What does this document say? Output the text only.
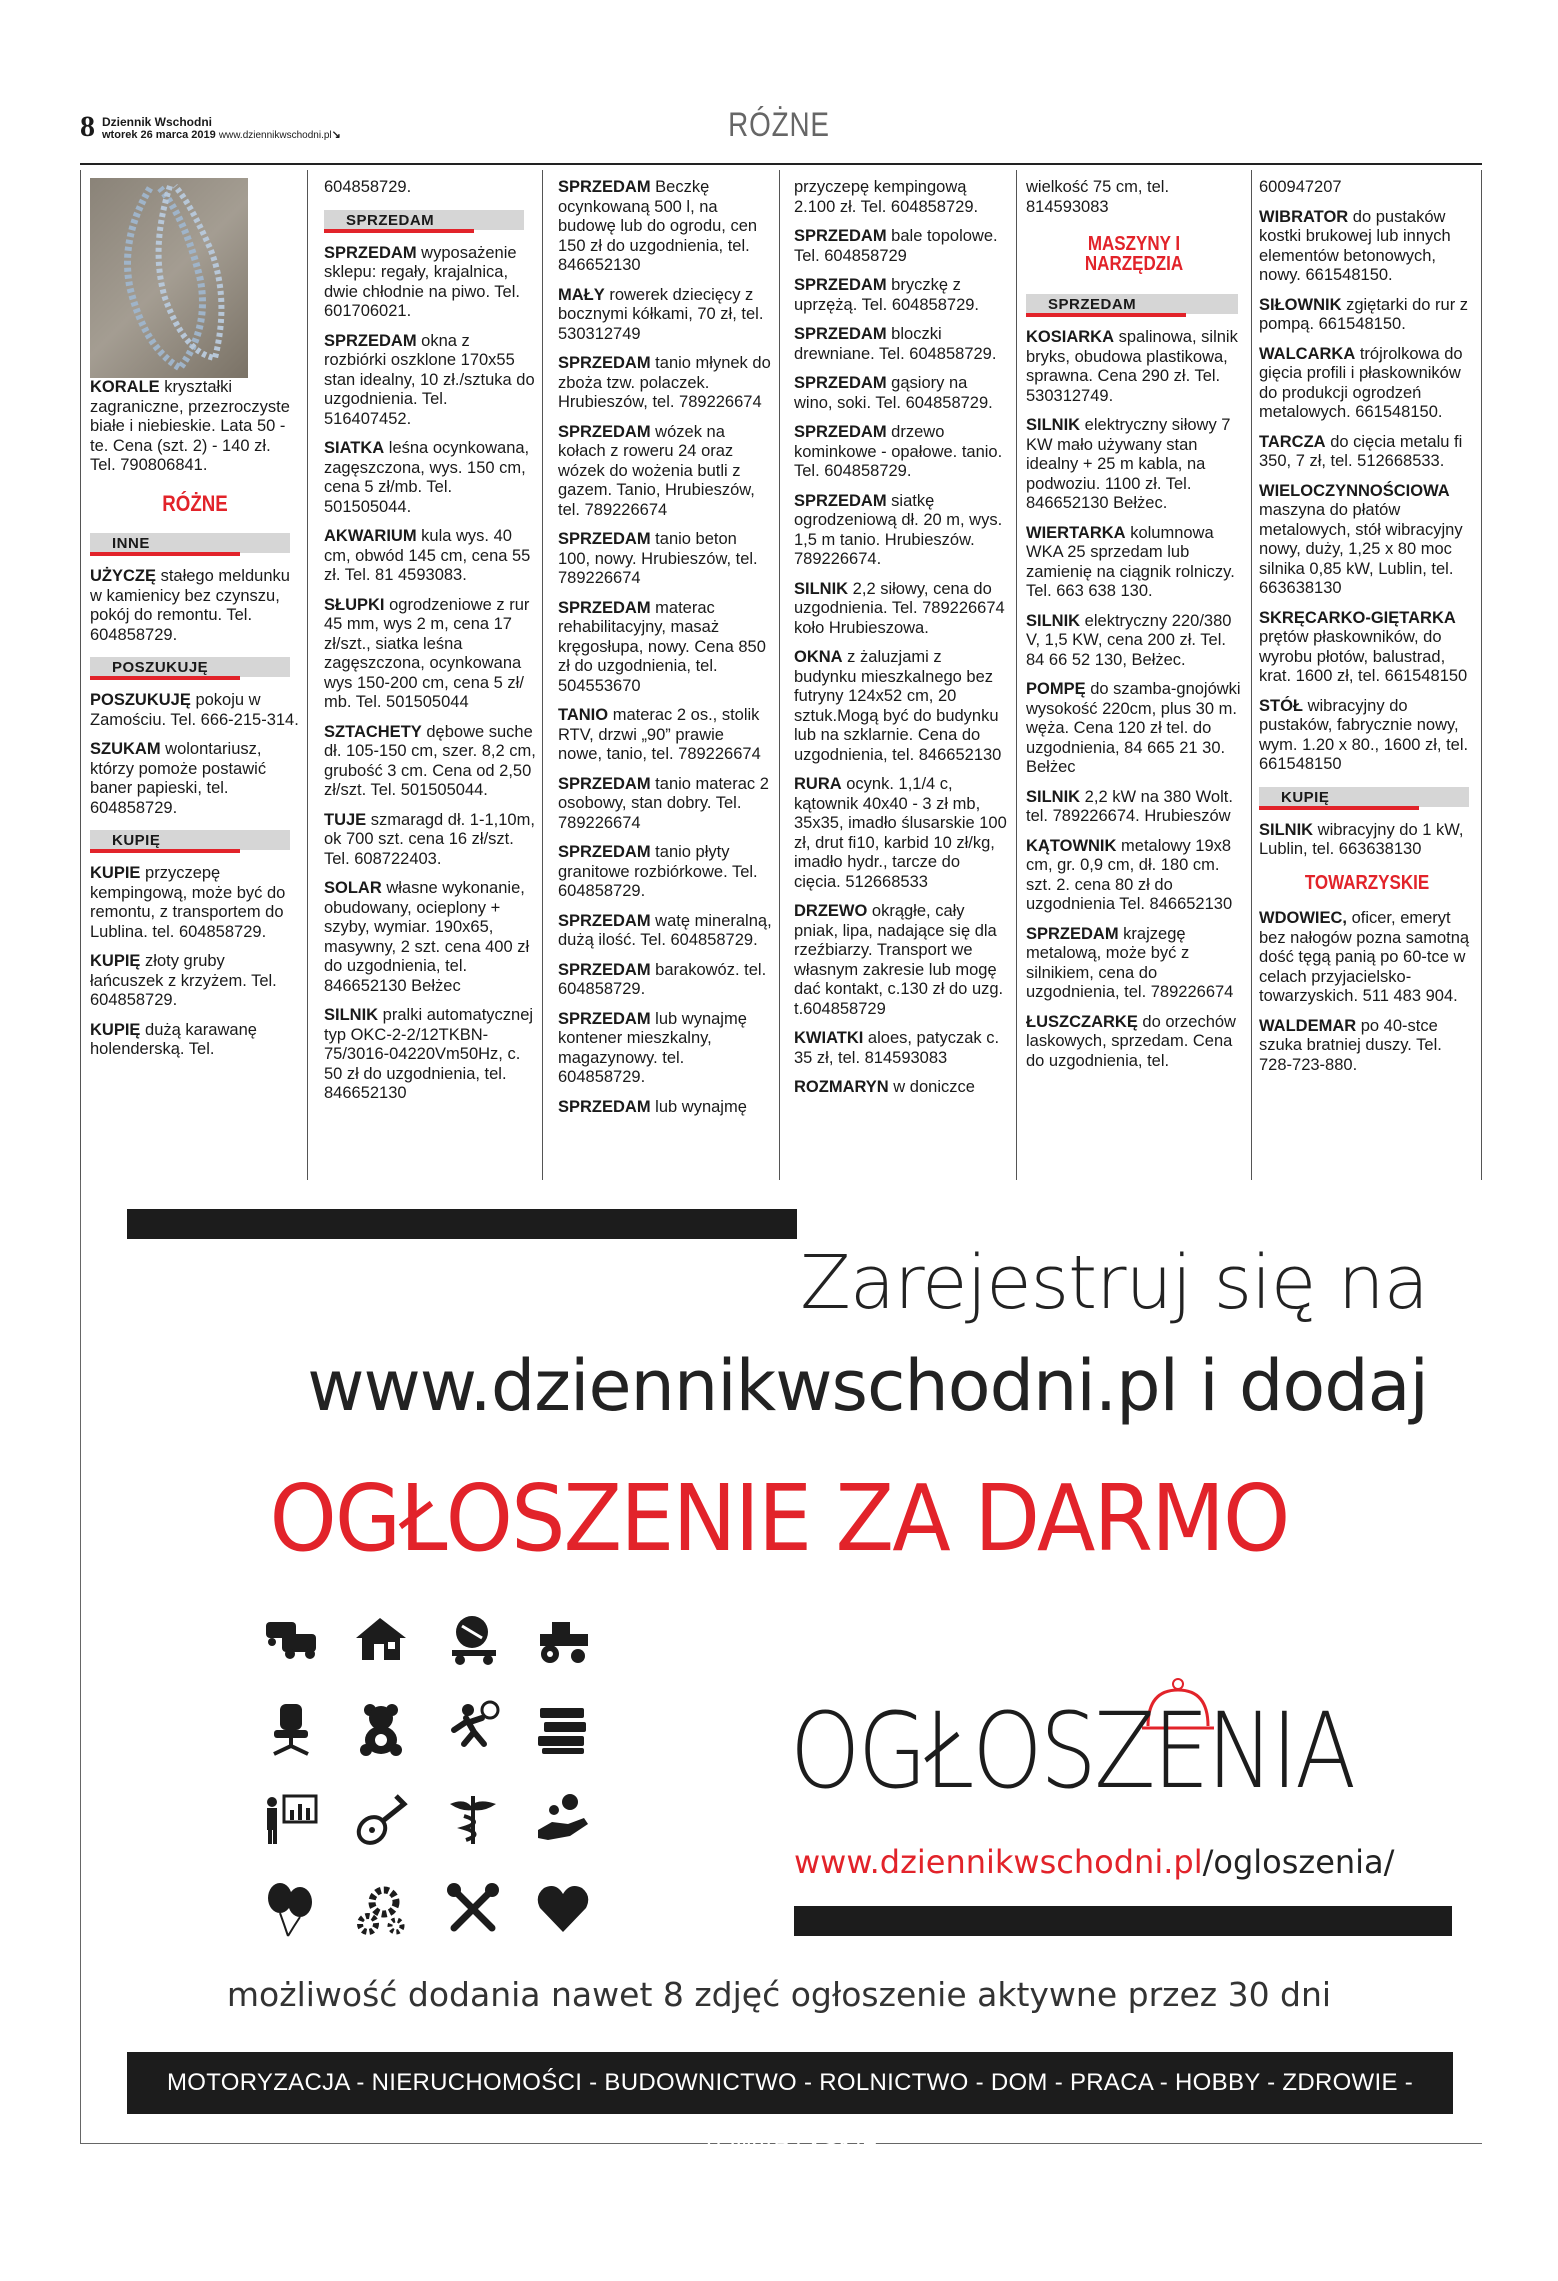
8 Dziennik Wschodni
wtorek 26 marca 2019 www.dziennikwschodni.pl↘	RÓŻNE
KORALE kryształki zagraniczne, przezroczyste białe i niebieskie. Lata 50 -te. Cena (szt. 2) - 140 zł. Tel. 790806841.
RÓŻNE
INNE

UŻYCZĘ stałego meldunku w kamienicy bez czynszu, pokój do remontu. Tel. 604858729.

POSZUKUJĘ

POSZUKUJĘ pokoju w Zamościu. Tel. 666-215-314.

SZUKAM wolontariusz, którzy pomoże postawić baner papieski, tel. 604858729.

KUPIĘ

KUPIE przyczepę kempingową, może być do remontu, z transportem do Lublina. tel. 604858729.

KUPIĘ złoty gruby łańcuszek z krzyżem. Tel. 604858729.

KUPIĘ dużą karawanę holenderską. Tel.

604858729.

SPRZEDAM

SPRZEDAM wyposażenie sklepu: regały, krajalnica, dwie chłodnie na piwo. Tel. 601706021.

SPRZEDAM okna z rozbiórki oszklone 170x55 stan idealny, 10 zł./sztuka do uzgodnienia. Tel. 516407452.

SIATKA leśna ocynkowana, zagęszczona, wys. 150 cm, cena 5 zł/mb. Tel. 501505044.

AKWARIUM kula wys. 40 cm, obwód 145 cm, cena 55 zł. Tel. 81 4593083.

SŁUPKI ogrodzeniowe z rur 45 mm, wys 2 m, cena 17 zł/szt., siatka leśna zagęszczona, ocynkowana wys 150-200 cm, cena 5 zł/ mb. Tel. 501505044

SZTACHETY dębowe suche dł. 105-150 cm, szer. 8,2 cm, grubość 3 cm. Cena od 2,50 zł/szt. Tel. 501505044.

TUJE szmaragd dł. 1-1,10m, ok 700 szt. cena 16 zł/szt. Tel. 608722403.

SOLAR własne wykonanie, obudowany, ocieplony + szyby, wymiar. 190x65, masywny, 2 szt. cena 400 zł do uzgodnienia, tel. 846652130 Bełżec

SILNIK pralki automatycznej typ OKC-2-2/12TKBN-75/3016-04220Vm50Hz, c. 50 zł do uzgodnienia, tel. 846652130

SPRZEDAM Beczkę ocynkowaną 500 l, na budowę lub do ogrodu, cen 150 zł do uzgodnienia, tel. 846652130

MAŁY rowerek dziecięcy z bocznymi kółkami, 70 zł, tel. 530312749

SPRZEDAM tanio młynek do zboża tzw. polaczek. Hrubieszów, tel. 789226674

SPRZEDAM wózek na kołach z roweru 24 oraz wózek do wożenia butli z gazem. Tanio, Hrubieszów, tel. 789226674

SPRZEDAM tanio beton 100, nowy. Hrubieszów, tel. 789226674

SPRZEDAM materac rehabilitacyjny, masaż kręgosłupa, nowy. Cena 850 zł do uzgodnienia, tel. 504553670

TANIO materac 2 os., stolik RTV, drzwi „90” prawie nowe, tanio, tel. 789226674

SPRZEDAM tanio materac 2 osobowy, stan dobry. Tel. 789226674

SPRZEDAM tanio płyty granitowe rozbiórkowe. Tel. 604858729.

SPRZEDAM watę mineralną, dużą ilość. Tel. 604858729.

SPRZEDAM barakowóz. tel. 604858729.

SPRZEDAM lub wynajmę kontener mieszkalny, magazynowy. tel. 604858729.

SPRZEDAM lub wynajmę

przyczepę kempingową 2.100 zł. Tel. 604858729.

SPRZEDAM bale topolowe. Tel. 604858729

SPRZEDAM bryczkę z uprzężą. Tel. 604858729.

SPRZEDAM bloczki drewniane. Tel. 604858729.

SPRZEDAM gąsiory na wino, soki. Tel. 604858729.

SPRZEDAM drzewo kominkowe - opałowe. tanio. Tel. 604858729.

SPRZEDAM siatkę ogrodzeniową dł. 20 m, wys. 1,5 m tanio. Hrubieszów. 789226674.

SILNIK 2,2 siłowy, cena do uzgodnienia. Tel. 789226674 koło Hrubieszowa.

OKNA z żaluzjami z budynku mieszkalnego bez futryny 124x52 cm, 20 sztuk.Mogą być do budynku lub na szklarnie. Cena do uzgodnienia, tel. 846652130

RURA ocynk. 1,1/4 c, kątownik 40x40 - 3 zł mb, 35x35, imadło ślusarskie 100 zł, drut fi10, karbid 10 zł/kg, imadło hydr., tarcze do cięcia. 512668533

DRZEWO okrągłe, cały pniak, lipa, nadające się dla rzeźbiarzy. Transport we własnym zakresie lub mogę dać kontakt, c.130 zł do uzg. t.604858729

KWIATKI aloes, patyczak c. 35 zł, tel. 814593083

ROZMARYN w doniczce

wielkość 75 cm, tel. 814593083

MASZYNY I NARZĘDZIA
SPRZEDAM

KOSIARKA spalinowa, silnik bryks, obudowa plastikowa, sprawna. Cena 290 zł. Tel. 530312749.

SILNIK elektryczny siłowy 7 KW mało używany stan idealny + 25 m kabla, na podwoziu. 1100 zł. Tel. 846652130 Bełżec.

WIERTARKA kolumnowa WKA 25 sprzedam lub zamienię na ciągnik rolniczy. Tel. 663 638 130.

SILNIK elektryczny 220/380 V, 1,5 KW, cena 200 zł. Tel. 84 66 52 130, Bełżec.

POMPĘ do szamba-gnojówki wysokość 220cm, plus 30 m. węża. Cena 120 zł tel. do uzgodnienia, 84 665 21 30. Bełżec

SILNIK 2,2 kW na 380 Wolt. tel. 789226674. Hrubieszów

KĄTOWNIK metalowy 19x8 cm, gr. 0,9 cm, dł. 180 cm. szt. 2. cena 80 zł do uzgodnienia Tel. 846652130

SPRZEDAM krajzegę metalową, może być z silnikiem, cena do uzgodnienia, tel. 789226674

ŁUSZCZARKĘ do orzechów laskowych, sprzedam. Cena do uzgodnienia, tel.

600947207

WIBRATOR do pustaków kostki brukowej lub innych elementów betonowych, nowy. 661548150.

SIŁOWNIK zgiętarki do rur z pompą. 661548150.

WALCARKA trójrolkowa do gięcia profili i płaskowników do produkcji ogrodzeń metalowych. 661548150.

TARCZA do cięcia metalu fi 350, 7 zł, tel. 512668533.

WIELOCZYNNOŚCIOWA maszyna do płatów metalowych, stół wibracyjny nowy, duży, 1,25 x 80 moc silnika 0,85 kW, Lublin, tel. 663638130

SKRĘCARKO-GIĘTARKA prętów płaskowników, do wyrobu płotów, balustrad, krat. 1600 zł, tel. 661548150

STÓŁ wibracyjny do pustaków, fabrycznie nowy, wym. 1.20 x 80., 1600 zł, tel. 661548150

KUPIĘ

SILNIK wibracyjny do 1 kW, Lublin, tel. 663638130

TOWARZYSKIE

WDOWIEC, oficer, emeryt bez nałogów pozna samotną dość tęgą panią po 60-tce w celach przyjacielsko-towarzyskich. 511 483 904.

WALDEMAR po 40-stce szuka bratniej duszy. Tel. 728-723-880.

Zarejestruj się na
www.dziennikwschodni.pl i dodaj
OGŁOSZENIE ZA DARMO
OGŁOSZENIA
www.dziennikwschodni.pl/ogloszenia/
możliwość dodania nawet 8 zdjęć ogłoszenie aktywne przez 30 dni
MOTORYZACJA - NIERUCHOMOŚCI - BUDOWNICTWO - ROLNICTWO - DOM - PRACA - HOBBY - ZDROWIE - TOWARZYSKIE
